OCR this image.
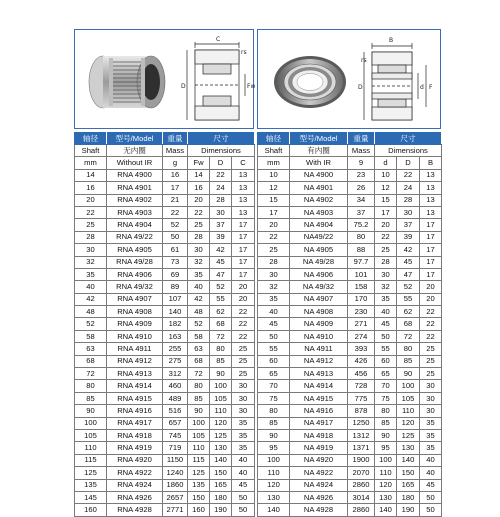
C
rs
D	Fw
B
rs
D	d F
轴径	型号/Model	重量	尺寸		
Shaft	无内圈	Mass	Dimensions		
mm	Without IR	g	Fw	D	C
14	RNA 4900	16	14	22	13
16	RNA 4901	17	16	24	13
20	RNA 4902	21	20	28	13
22	RNA 4903	22	22	30	13
25	RNA 4904	52	25	37	17
28	RNA 49/22	50	28	39	17
30	RNA 4905	61	30	42	17
32	RNA 49/28	73	32	45	17
35	RNA 4906	69	35	47	17
40	RNA 49/32	89	40	52	20
42	RNA 4907	107	42	55	20
48	RNA 4908	140	48	62	22
52	RNA 4909	182	52	68	22
58	RNA 4910	163	58	72	22
63	RNA 4911	255	63	80	25
68	RNA 4912	275	68	85	25
72	RNA 4913	312	72	90	25
80	RNA 4914	460	80	100	30
85	RNA 4915	489	85	105	30
90	RNA 4916	516	90	110	30
100	RNA 4917	657	100	120	35
105	RNA 4918	745	105	125	35
110	RNA 4919	719	110	130	35
115	RNA 4920	1150	115	140	40
125	RNA 4922	1240	125	150	40
135	RNA 4924	1860	135	165	45
145	RNA 4926	2657	150	180	50
160	RNA 4928	2771	160	190	50
轴径	型号/Model	重量	尺寸		
Shaft	有内圈	Mass	Dimensions		
mm	With IR	9	d	D	B
10	NA 4900	23	10	22	13
12	NA 4901	26	12	24	13
15	NA 4902	34	15	28	13
17	NA 4903	37	17	30	13
20	NA 4904	75.2	20	37	17
22	NA49/22	80	22	39	17
25	NA 4905	88	25	42	17
28	NA 49/28	97.7	28	45	17
30	NA 4906	101	30	47	17
32	NA 49/32	158	32	52	20
35	NA 4907	170	35	55	20
40	NA 4908	230	40	62	22
45	NA 4909	271	45	68	22
50	NA 4910	274	50	72	22
55	NA 4911	393	55	80	25
60	NA 4912	426	60	85	25
65	NA 4913	456	65	90	25
70	NA 4914	728	70	100	30
75	NA 4915	775	75	105	30
80	NA 4916	878	80	110	30
85	NA 4917	1250	85	120	35
90	NA 4918	1312	90	125	35
95	NA 4919	1371	95	130	35
100	NA 4920	1900	100	140	40
110	NA 4922	2070	110	150	40
120	NA 4924	2860	120	165	45
130	NA 4926	3014	130	180	50
140	NA 4928	2860	140	190	50
